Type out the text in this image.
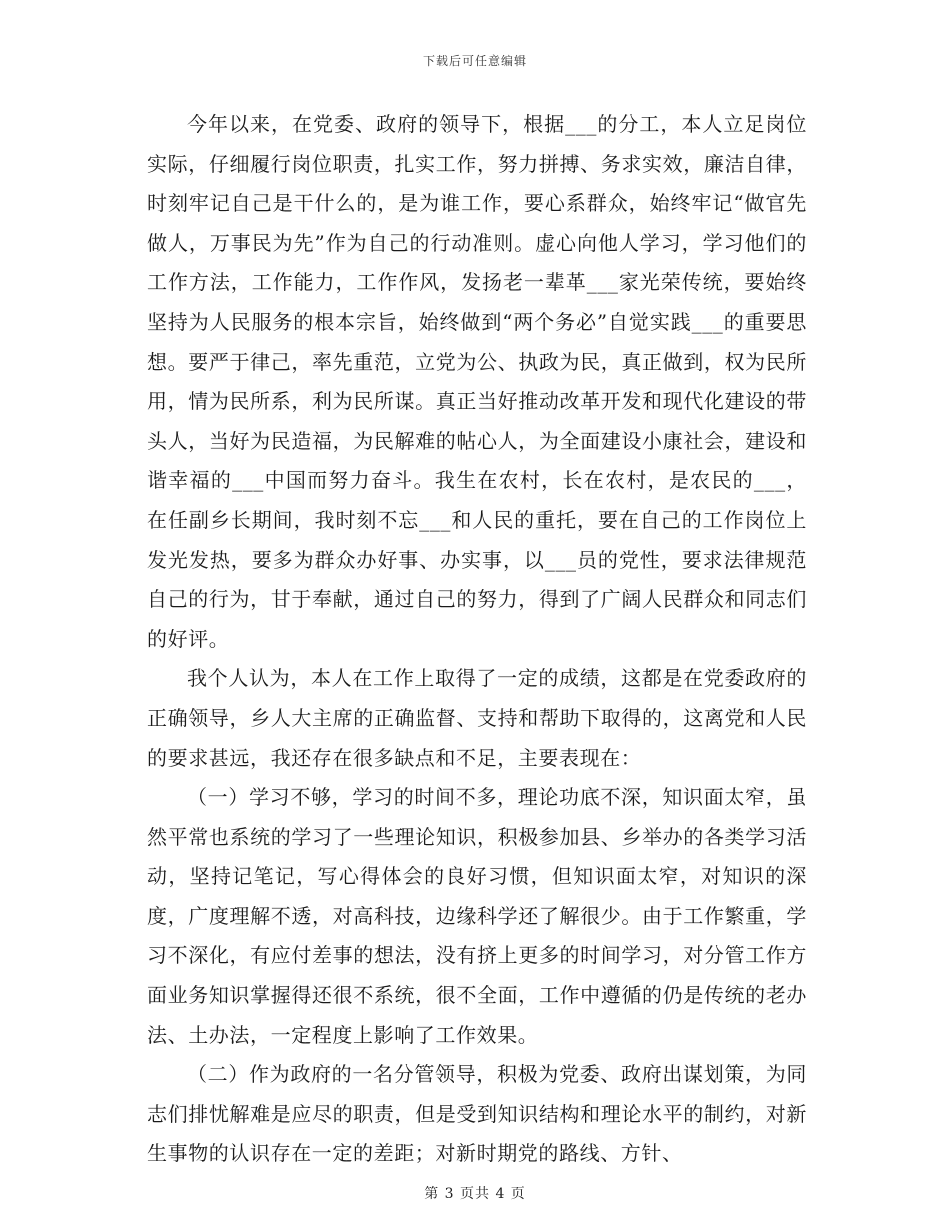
下载后可任意编辑

今年以来，在党委、政府的领导下，根据___的分工，本人立足岗位实际，仔细履行岗位职责，扎实工作，努力拼搏、务求实效，廉洁自律，时刻牢记自己是干什么的，是为谁工作，要心系群众，始终牢记“做官先做人，万事民为先”作为自己的行动准则。虚心向他人学习，学习他们的工作方法，工作能力，工作作风，发扬老一辈革___家光荣传统，要始终坚持为人民服务的根本宗旨，始终做到“两个务必”自觉实践___的重要思想。要严于律己，率先重范，立党为公、执政为民，真正做到，权为民所用，情为民所系，利为民所谋。真正当好推动改革开发和现代化建设的带头人，当好为民造福，为民解难的帖心人，为全面建设小康社会，建设和谐幸福的___中国而努力奋斗。我生在农村，长在农村，是农民的___，在任副乡长期间，我时刻不忘___和人民的重托，要在自己的工作岗位上发光发热，要多为群众办好事、办实事，以___员的党性，要求法律规范自己的行为，甘于奉献，通过自己的努力，得到了广阔人民群众和同志们的好评。

我个人认为，本人在工作上取得了一定的成绩，这都是在党委政府的正确领导，乡人大主席的正确监督、支持和帮助下取得的，这离党和人民的要求甚远，我还存在很多缺点和不足，主要表现在：

（一）学习不够，学习的时间不多，理论功底不深，知识面太窄，虽然平常也系统的学习了一些理论知识，积极参加县、乡举办的各类学习活动，坚持记笔记，写心得体会的良好习惯，但知识面太窄，对知识的深度，广度理解不透，对高科技，边缘科学还了解很少。由于工作繁重，学习不深化，有应付差事的想法，没有挤上更多的时间学习，对分管工作方面业务知识掌握得还很不系统，很不全面，工作中遵循的仍是传统的老办法、土办法，一定程度上影响了工作效果。

（二）作为政府的一名分管领导，积极为党委、政府出谋划策，为同志们排忧解难是应尽的职责，但是受到知识结构和理论水平的制约，对新生事物的认识存在一定的差距；对新时期党的路线、方针、

第 3 页共 4 页
